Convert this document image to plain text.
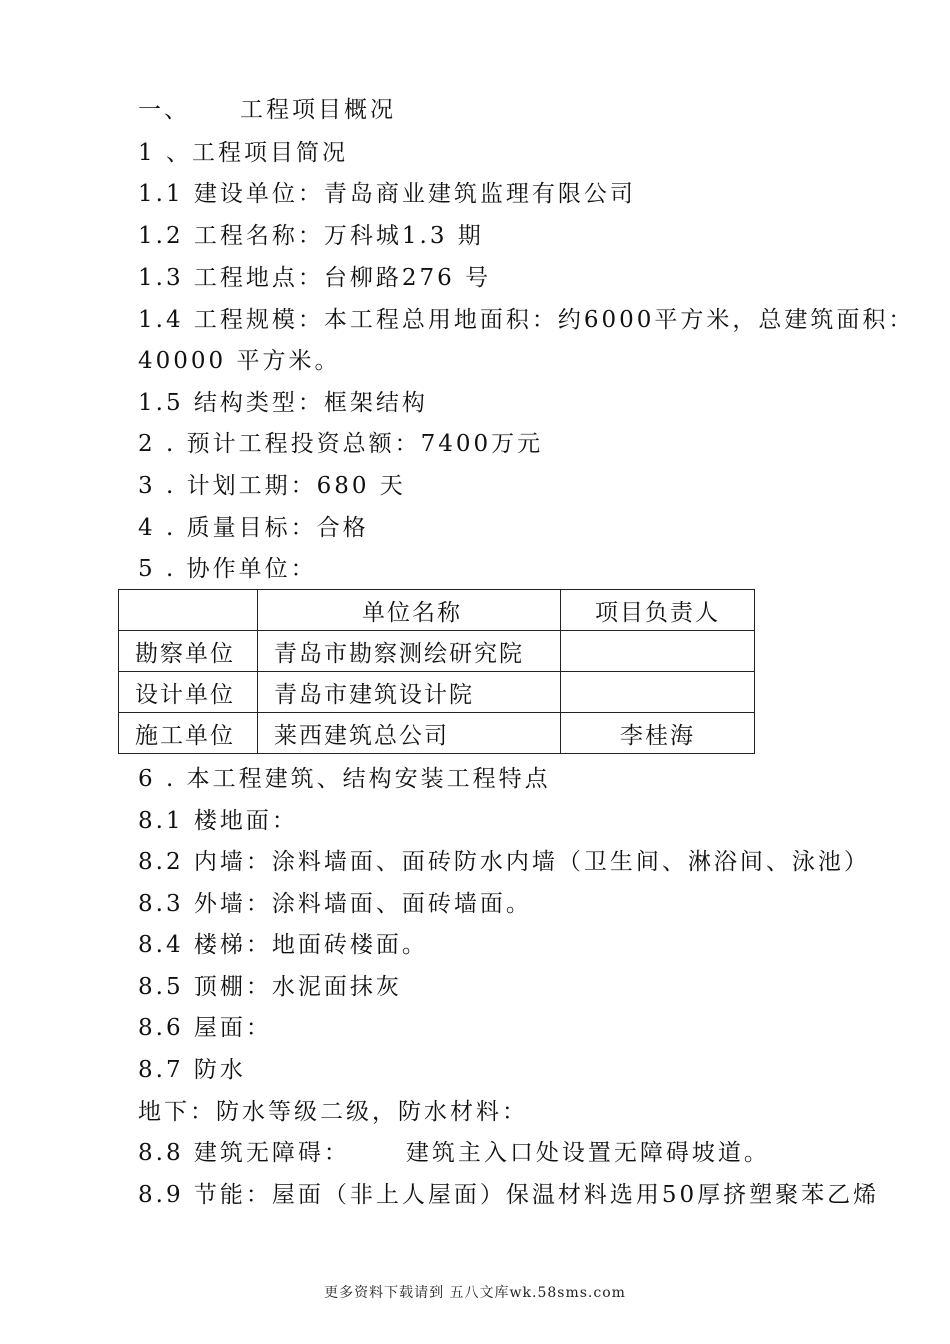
一、 工程项目概况
1 、工程项目简况
1.1 建设单位：青岛商业建筑监理有限公司
1.2 工程名称：万科城1.3 期
1.3 工程地点：台柳路276 号
1.4 工程规模：本工程总用地面积：约6000平方米，总建筑面积：
40000 平方米。
1.5 结构类型：框架结构
2 . 预计工程投资总额：7400万元
3 . 计划工期：680 天
4 . 质量目标：合格
5 . 协作单位：
	单位名称	项目负责人
勘察单位	青岛市勘察测绘研究院	
设计单位	青岛市建筑设计院	
施工单位	莱西建筑总公司	李桂海
6 . 本工程建筑、结构安装工程特点
8.1 楼地面：
8.2 内墙：涂料墙面、面砖防水内墙（卫生间、淋浴间、泳池）
8.3 外墙：涂料墙面、面砖墙面。
8.4 楼梯：地面砖楼面。
8.5 顶棚：水泥面抹灰
8.6 屋面：
8.7 防水
地下：防水等级二级，防水材料：
8.8 建筑无障碍： 建筑主入口处设置无障碍坡道。
8.9 节能：屋面（非上人屋面）保温材料选用50厚挤塑聚苯乙烯
更多资料下载请到 五八文库wk.58sms.com
